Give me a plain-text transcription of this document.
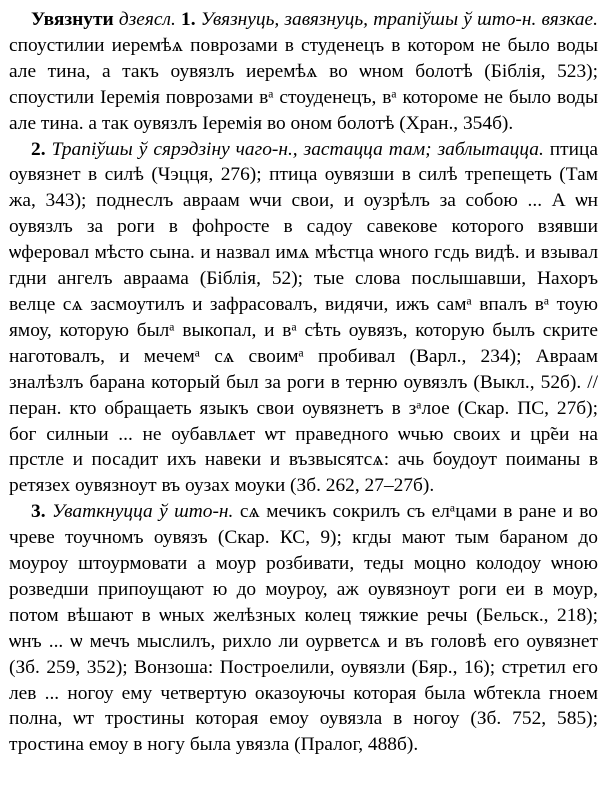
Увязнути дзеясл. 1. Увязнуць, завязнуць, трапіўшы ў што-н. вязкае. споустилии иеремѣѧ поврозами в студенецъ в котором не было воды але тина, а такъ оувязлъ иеремѣѧ во ѡном болотѣ (Біблія, 523); споустили Іеремія поврозами вᵃ стоуденецъ, вᵃ котороме не было воды але тина. а так оувязлъ Іеремія во оном болотѣ (Хран., 354б).

2. Трапіўшы ў сярэдзіну чаго-н., застацца там; заблытацца. птица оувязнет в силѣ (Чэцця, 276); птица оувязши в силѣ трепещеть (Там жа, 343); поднеслъ авраам ѡчи свои, и оузрѣлъ за собою ... А ѡн оувязлъ за роги в фоhросте в садоу савекове которого взявши ѡферовал мѣсто сына. и назвал имѧ мѣстца ѡного гсдь видѣ. и взывал гдни ангелъ авраама (Біблія, 52); тые слова послышавши, Нахоръ велце сѧ засмоутилъ и зафрасовалъ, видячи, ижъ самᵃ впалъ вᵃ тоую ямоу, которую былᵃ выкопал, и вᵃ сѣть оувязъ, которую былъ скрите наготовалъ, и мечемᵃ сѧ своимᵃ пробивал (Варл., 234); Авраам зналѣзлъ барана который был за роги в терню оувязлъ (Выкл., 52б). // перан. кто обращаеть языкъ свои оувязнетъ в зᵃлое (Скар. ПС, 27б); бог силныи ... не оубавлѧет ѡт праведного ѡчью своих и цр̃еи на прстле и посадит ихъ навеки и възвысятсѧ: ачь боудоут поиманы в ретязех оувязноут въ оузах моуки (Зб. 262, 27–27б).

3. Уваткнуцца ў што-н. сѧ мечикъ сокрилъ съ елᵃцами в ране и во чреве тоучномъ оувязъ (Скар. КС, 9); кгды мают тым бараном до моуроу штоурмовати а моур розбивати, теды моцно колодоу ѡною розведши припоущают ю до моуроу, аж оувязноут роги еи в моур, потом вѣшают в ѡных желѣзных колец тяжкие речы (Бельск., 218); ѡнъ ... ѡ мечъ мыслилъ, рихло ли оурветсѧ и въ головѣ его оувязнет (Зб. 259, 352); Вонзоша: Построелили, оувязли (Бяр., 16); стретил его лев ... ногоу ему четвертую оказоуючы которая была ѡбтекла гноем полна, ѡт тростины которая емоу оувязла в ногоу (Зб. 752, 585); тростина емоу в ногу была увязла (Пралог, 488б).
